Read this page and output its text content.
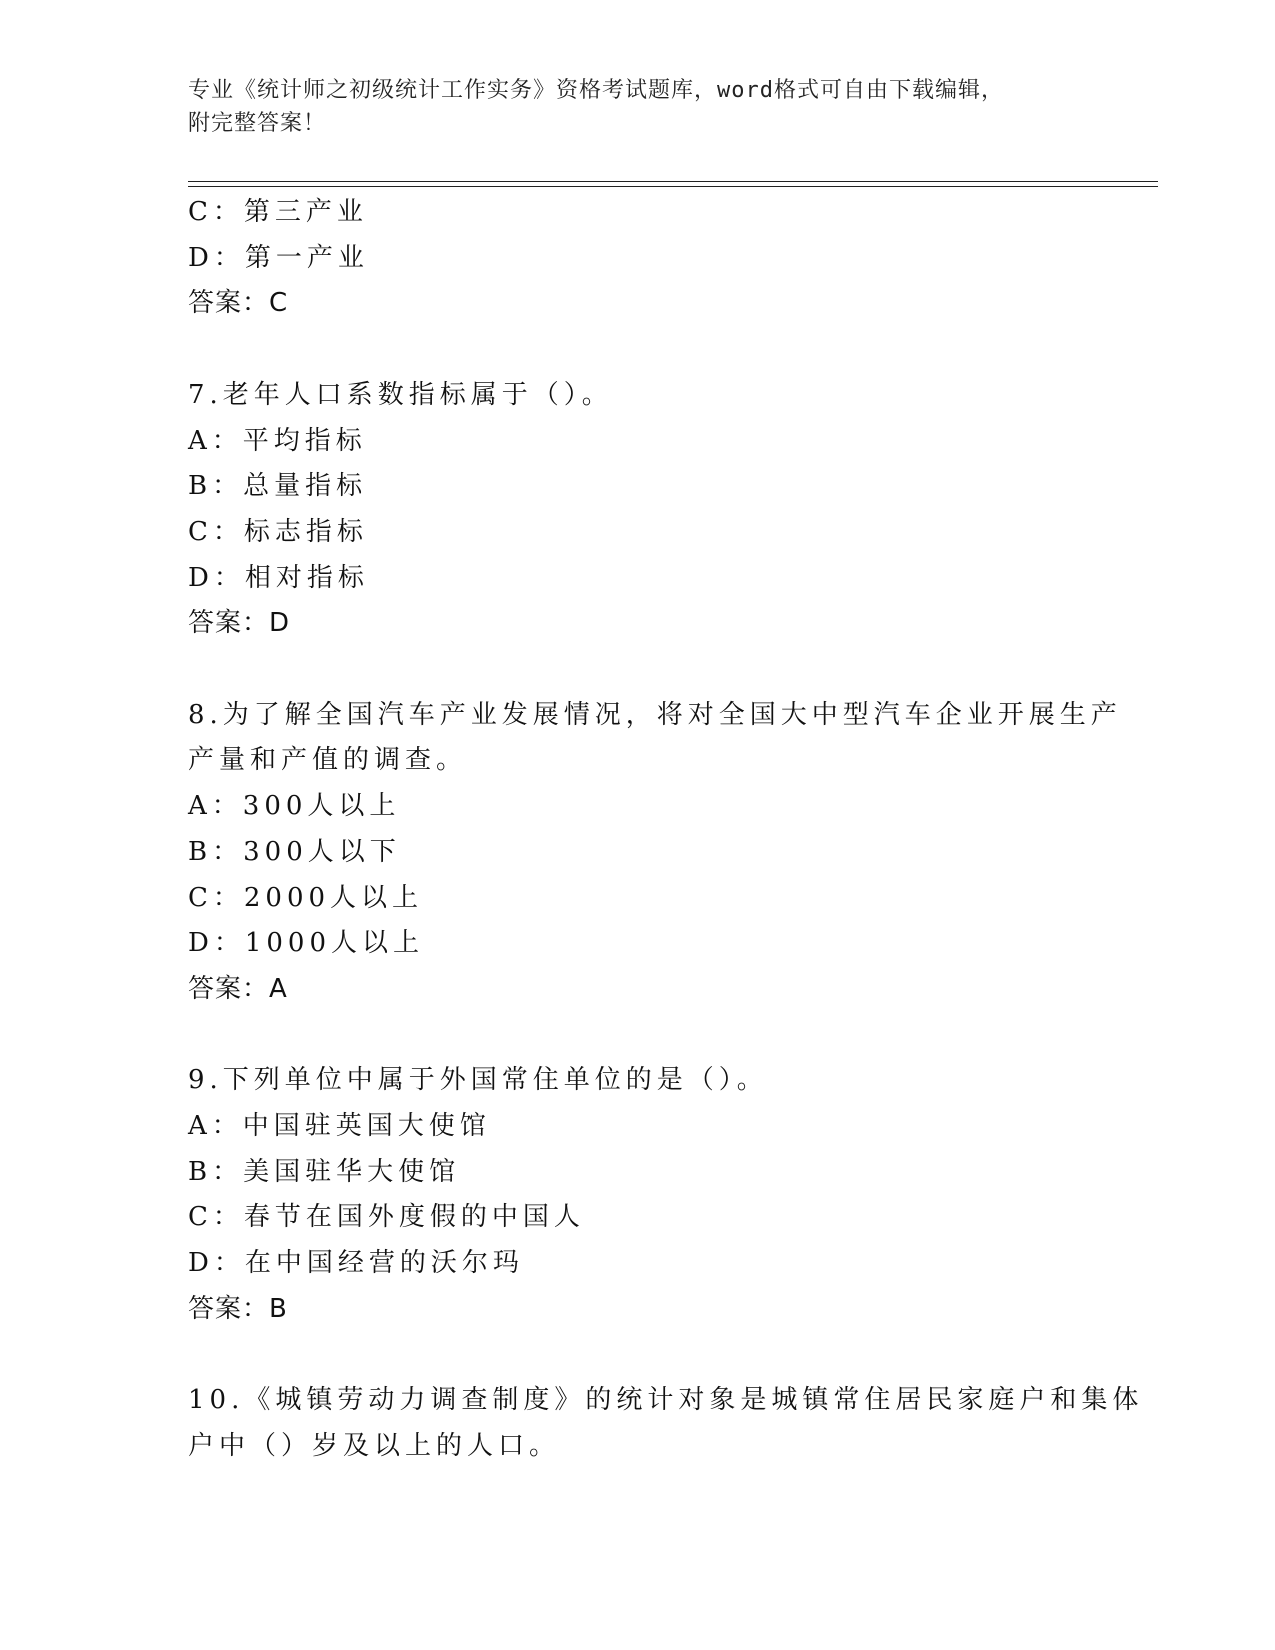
专业《统计师之初级统计工作实务》资格考试题库，word格式可自由下载编辑，
附完整答案！
C：第三产业
D：第一产业
答案：C
7.老年人口系数指标属于（）。
A：平均指标
B：总量指标
C：标志指标
D：相对指标
答案：D
8.为了解全国汽车产业发展情况，将对全国大中型汽车企业开展生产
产量和产值的调查。
A：300人以上
B：300人以下
C：2000人以上
D：1000人以上
答案：A
9.下列单位中属于外国常住单位的是（）。
A：中国驻英国大使馆
B：美国驻华大使馆
C：春节在国外度假的中国人
D：在中国经营的沃尔玛
答案：B
10.《城镇劳动力调查制度》的统计对象是城镇常住居民家庭户和集体
户中（）岁及以上的人口。
